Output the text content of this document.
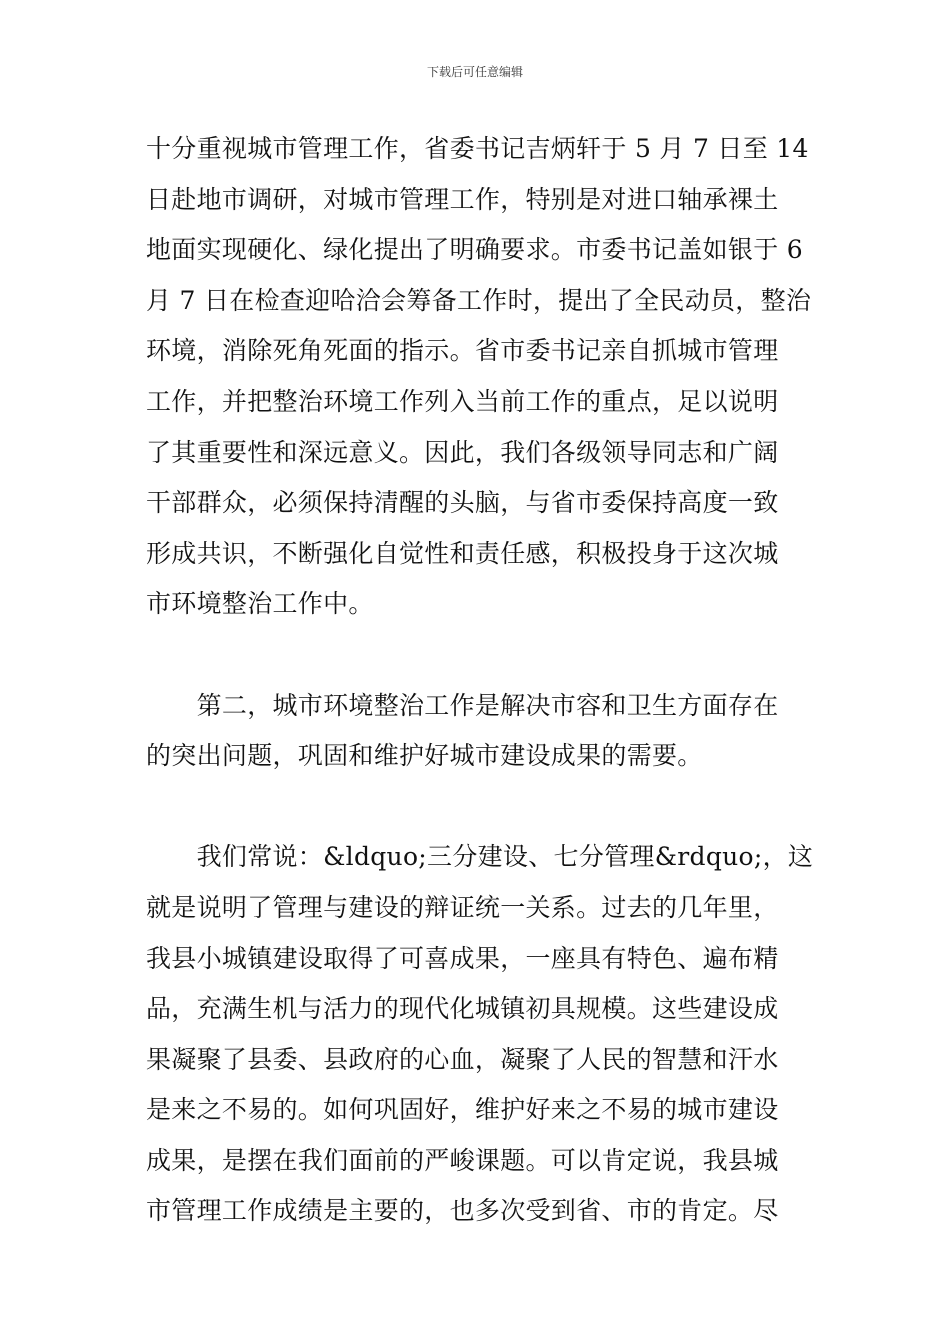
下载后可任意编辑
十分重视城市管理工作，省委书记吉炳轩于 5 月 7 日至 14
日赴地市调研，对城市管理工作，特别是对进口轴承裸土
地面实现硬化、绿化提出了明确要求。市委书记盖如银于 6
月 7 日在检查迎哈洽会筹备工作时，提出了全民动员，整治
环境，消除死角死面的指示。省市委书记亲自抓城市管理
工作，并把整治环境工作列入当前工作的重点，足以说明
了其重要性和深远意义。因此，我们各级领导同志和广阔
干部群众，必须保持清醒的头脑，与省市委保持高度一致
形成共识，不断强化自觉性和责任感，积极投身于这次城
市环境整治工作中。
　　第二，城市环境整治工作是解决市容和卫生方面存在
的突出问题，巩固和维护好城市建设成果的需要。
　　我们常说：&ldquo;三分建设、七分管理&rdquo;，这
就是说明了管理与建设的辩证统一关系。过去的几年里，
我县小城镇建设取得了可喜成果，一座具有特色、遍布精
品，充满生机与活力的现代化城镇初具规模。这些建设成
果凝聚了县委、县政府的心血，凝聚了人民的智慧和汗水
是来之不易的。如何巩固好，维护好来之不易的城市建设
成果，是摆在我们面前的严峻课题。可以肯定说，我县城
市管理工作成绩是主要的，也多次受到省、市的肯定。尽
